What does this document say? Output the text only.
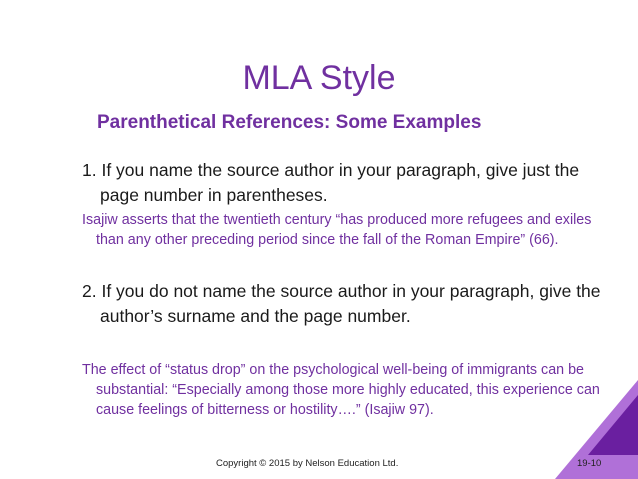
MLA Style
Parenthetical References: Some Examples
1. If you name the source author in your paragraph, give just the page number in parentheses.
Isajiw asserts that the twentieth century “has produced more refugees and exiles than any other preceding period since the fall of the Roman Empire” (66).
2. If you do not name the source author in your paragraph, give the author’s surname and the page number.
The effect of “status drop” on the psychological well-being of immigrants can be substantial: “Especially among those more highly educated, this experience can cause feelings of bitterness or hostility….” (Isajiw 97).
Copyright © 2015 by Nelson Education Ltd.	19-10
